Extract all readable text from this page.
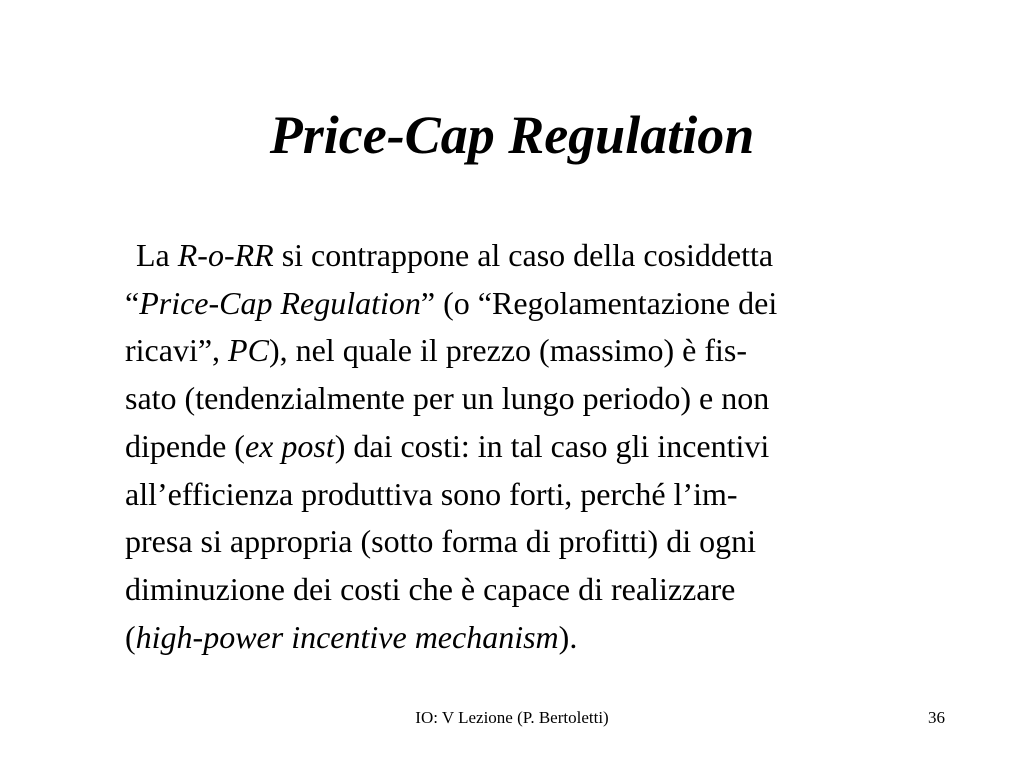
Price-Cap Regulation
La R-o-RR si contrappone al caso della cosiddetta
“Price-Cap Regulation” (o “Regolamentazione dei
ricavi”, PC), nel quale il prezzo (massimo) è fis-
sato (tendenzialmente per un lungo periodo) e non
dipende (ex post) dai costi: in tal caso gli incentivi
all’efficienza produttiva sono forti, perché l’im-
presa si appropria (sotto forma di profitti) di ogni
diminuzione dei costi che è capace di realizzare
(high-power incentive mechanism).
IO: V Lezione (P. Bertoletti)	36
